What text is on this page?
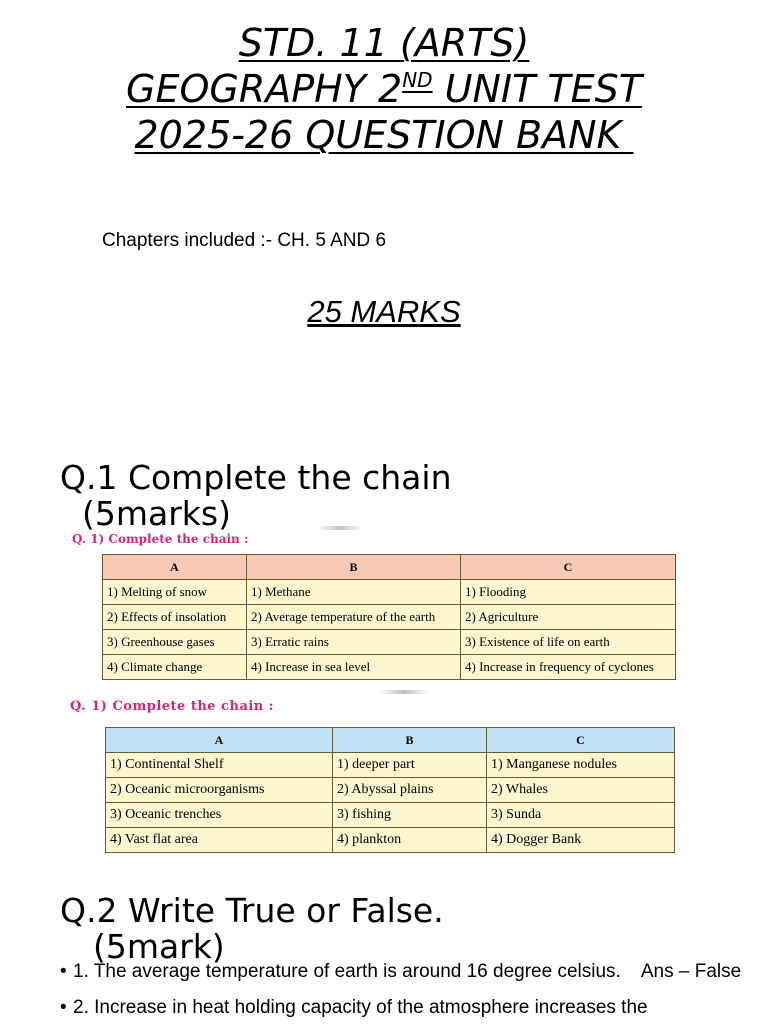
STD. 11 (ARTS)
GEOGRAPHY 2ND UNIT TEST
2025-26 QUESTION BANK
Chapters included :- CH. 5 AND 6
25 MARKS
Q.1 Complete the chain
(5marks)
Q. 1) Complete the chain :
A	B	C
1) Melting of snow	1) Methane	1) Flooding
2) Effects of insolation	2) Average temperature of the earth	2) Agriculture
3) Greenhouse gases	3) Erratic rains	3) Existence of life on earth
4) Climate change	4) Increase in sea level	4) Increase in frequency of cyclones
Q. 1) Complete the chain :
A	B	C
1) Continental Shelf	1) deeper part	1) Manganese nodules
2) Oceanic microorganisms	2) Abyssal plains	2) Whales
3) Oceanic trenches	3) fishing	3) Sunda
4) Vast flat area	4) plankton	4) Dogger Bank
Q.2 Write True or False.
(5mark)
• 1. The average temperature of earth is around 16 degree celsius.    Ans – False
• 2. Increase in heat holding capacity of the atmosphere increases the
